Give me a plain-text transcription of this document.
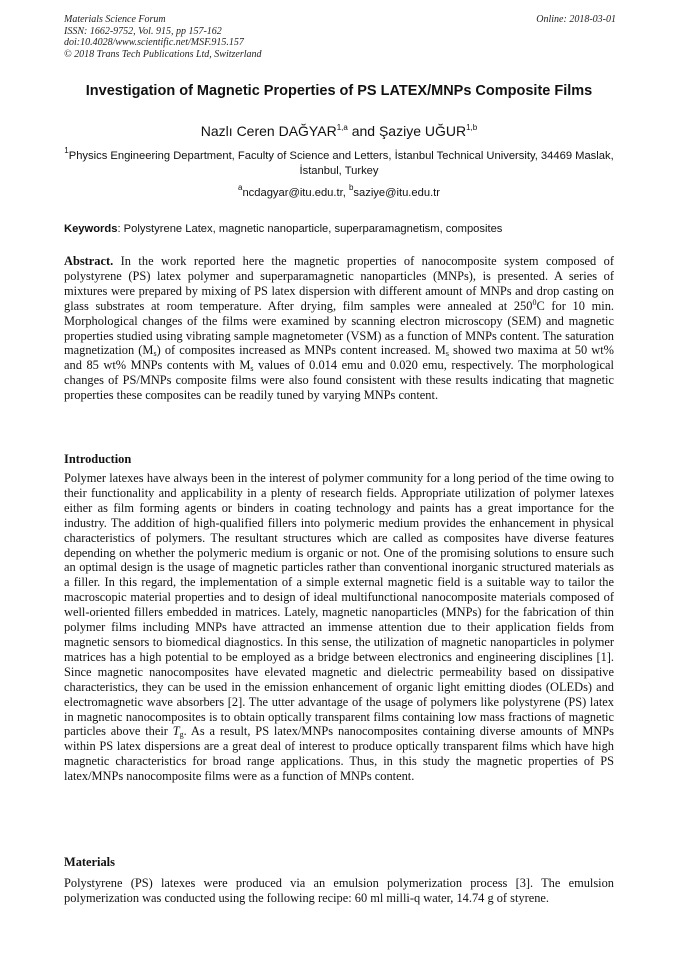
Materials Science Forum
ISSN: 1662-9752, Vol. 915, pp 157-162
doi:10.4028/www.scientific.net/MSF.915.157
© 2018 Trans Tech Publications Ltd, Switzerland
Online: 2018-03-01
Investigation of Magnetic Properties of PS LATEX/MNPs Composite Films
Nazlı Ceren DAĞYAR$^{1,a}$ and Şaziye UĞUR$^{1,b}$
$^1$Physics Engineering Department, Faculty of Science and Letters, İstanbul Technical University, 34469 Maslak, İstanbul, Turkey
$^a$ncdagyar@itu.edu.tr, $^b$saziye@itu.edu.tr
Keywords: Polystyrene Latex, magnetic nanoparticle, superparamagnetism, composites
Abstract. In the work reported here the magnetic properties of nanocomposite system composed of polystyrene (PS) latex polymer and superparamagnetic nanoparticles (MNPs), is presented. A series of mixtures were prepared by mixing of PS latex dispersion with different amount of MNPs and drop casting on glass substrates at room temperature. After drying, film samples were annealed at $250^0C$ for 10 min. Morphological changes of the films were examined by scanning electron microscopy (SEM) and magnetic properties studied using vibrating sample magnetometer (VSM) as a function of MNPs content. The saturation magnetization $(M_s)$ of composites increased as MNPs content increased. $M_s$ showed two maxima at 50 wt% and 85 wt% MNPs contents with $M_s$ values of 0.014 emu and 0.020 emu, respectively. The morphological changes of PS/MNPs composite films were also found consistent with these results indicating that magnetic properties these composites can be readily tuned by varying MNPs content.
Introduction
Polymer latexes have always been in the interest of polymer community for a long period of the time owing to their functionality and applicability in a plenty of research fields. Appropriate utilization of polymer latexes either as film forming agents or binders in coating technology and paints has a great importance for the industry. The addition of high-qualified fillers into polymeric medium provides the enhancement in physical characteristics of polymers. The resultant structures which are called as composites have diverse features depending on whether the polymeric medium is organic or not. One of the promising solutions to ensure such an optimal design is the usage of magnetic particles rather than conventional inorganic structured materials as a filler. In this regard, the implementation of a simple external magnetic field is a suitable way to tailor the macroscopic material properties and to design of ideal multifunctional nanocomposite materials composed of well-oriented fillers embedded in matrices. Lately, magnetic nanoparticles (MNPs) for the fabrication of thin polymer films including MNPs have attracted an immense attention due to their application fields from magnetic sensors to biomedical diagnostics. In this sense, the utilization of magnetic nanoparticles in polymer matrices has a high potential to be employed as a bridge between electronics and engineering disciplines [1]. Since magnetic nanocomposites have elevated magnetic and dielectric permeability based on dissipative characteristics, they can be used in the emission enhancement of organic light emitting diodes (OLEDs) and electromagnetic wave absorbers [2]. The utter advantage of the usage of polymers like polystyrene (PS) latex in magnetic nanocomposites is to obtain optically transparent films containing low mass fractions of magnetic particles above their $T_g$. As a result, PS latex/MNPs nanocomposites containing diverse amounts of MNPs within PS latex dispersions are a great deal of interest to produce optically transparent films which have high magnetic characteristics for broad range applications. Thus, in this study the magnetic properties of PS latex/MNPs nanocomposite films were as a function of MNPs content.
Materials
Polystyrene (PS) latexes were produced via an emulsion polymerization process [3]. The emulsion polymerization was conducted using the following recipe: 60 ml milli-q water, 14.74 g of styrene.
